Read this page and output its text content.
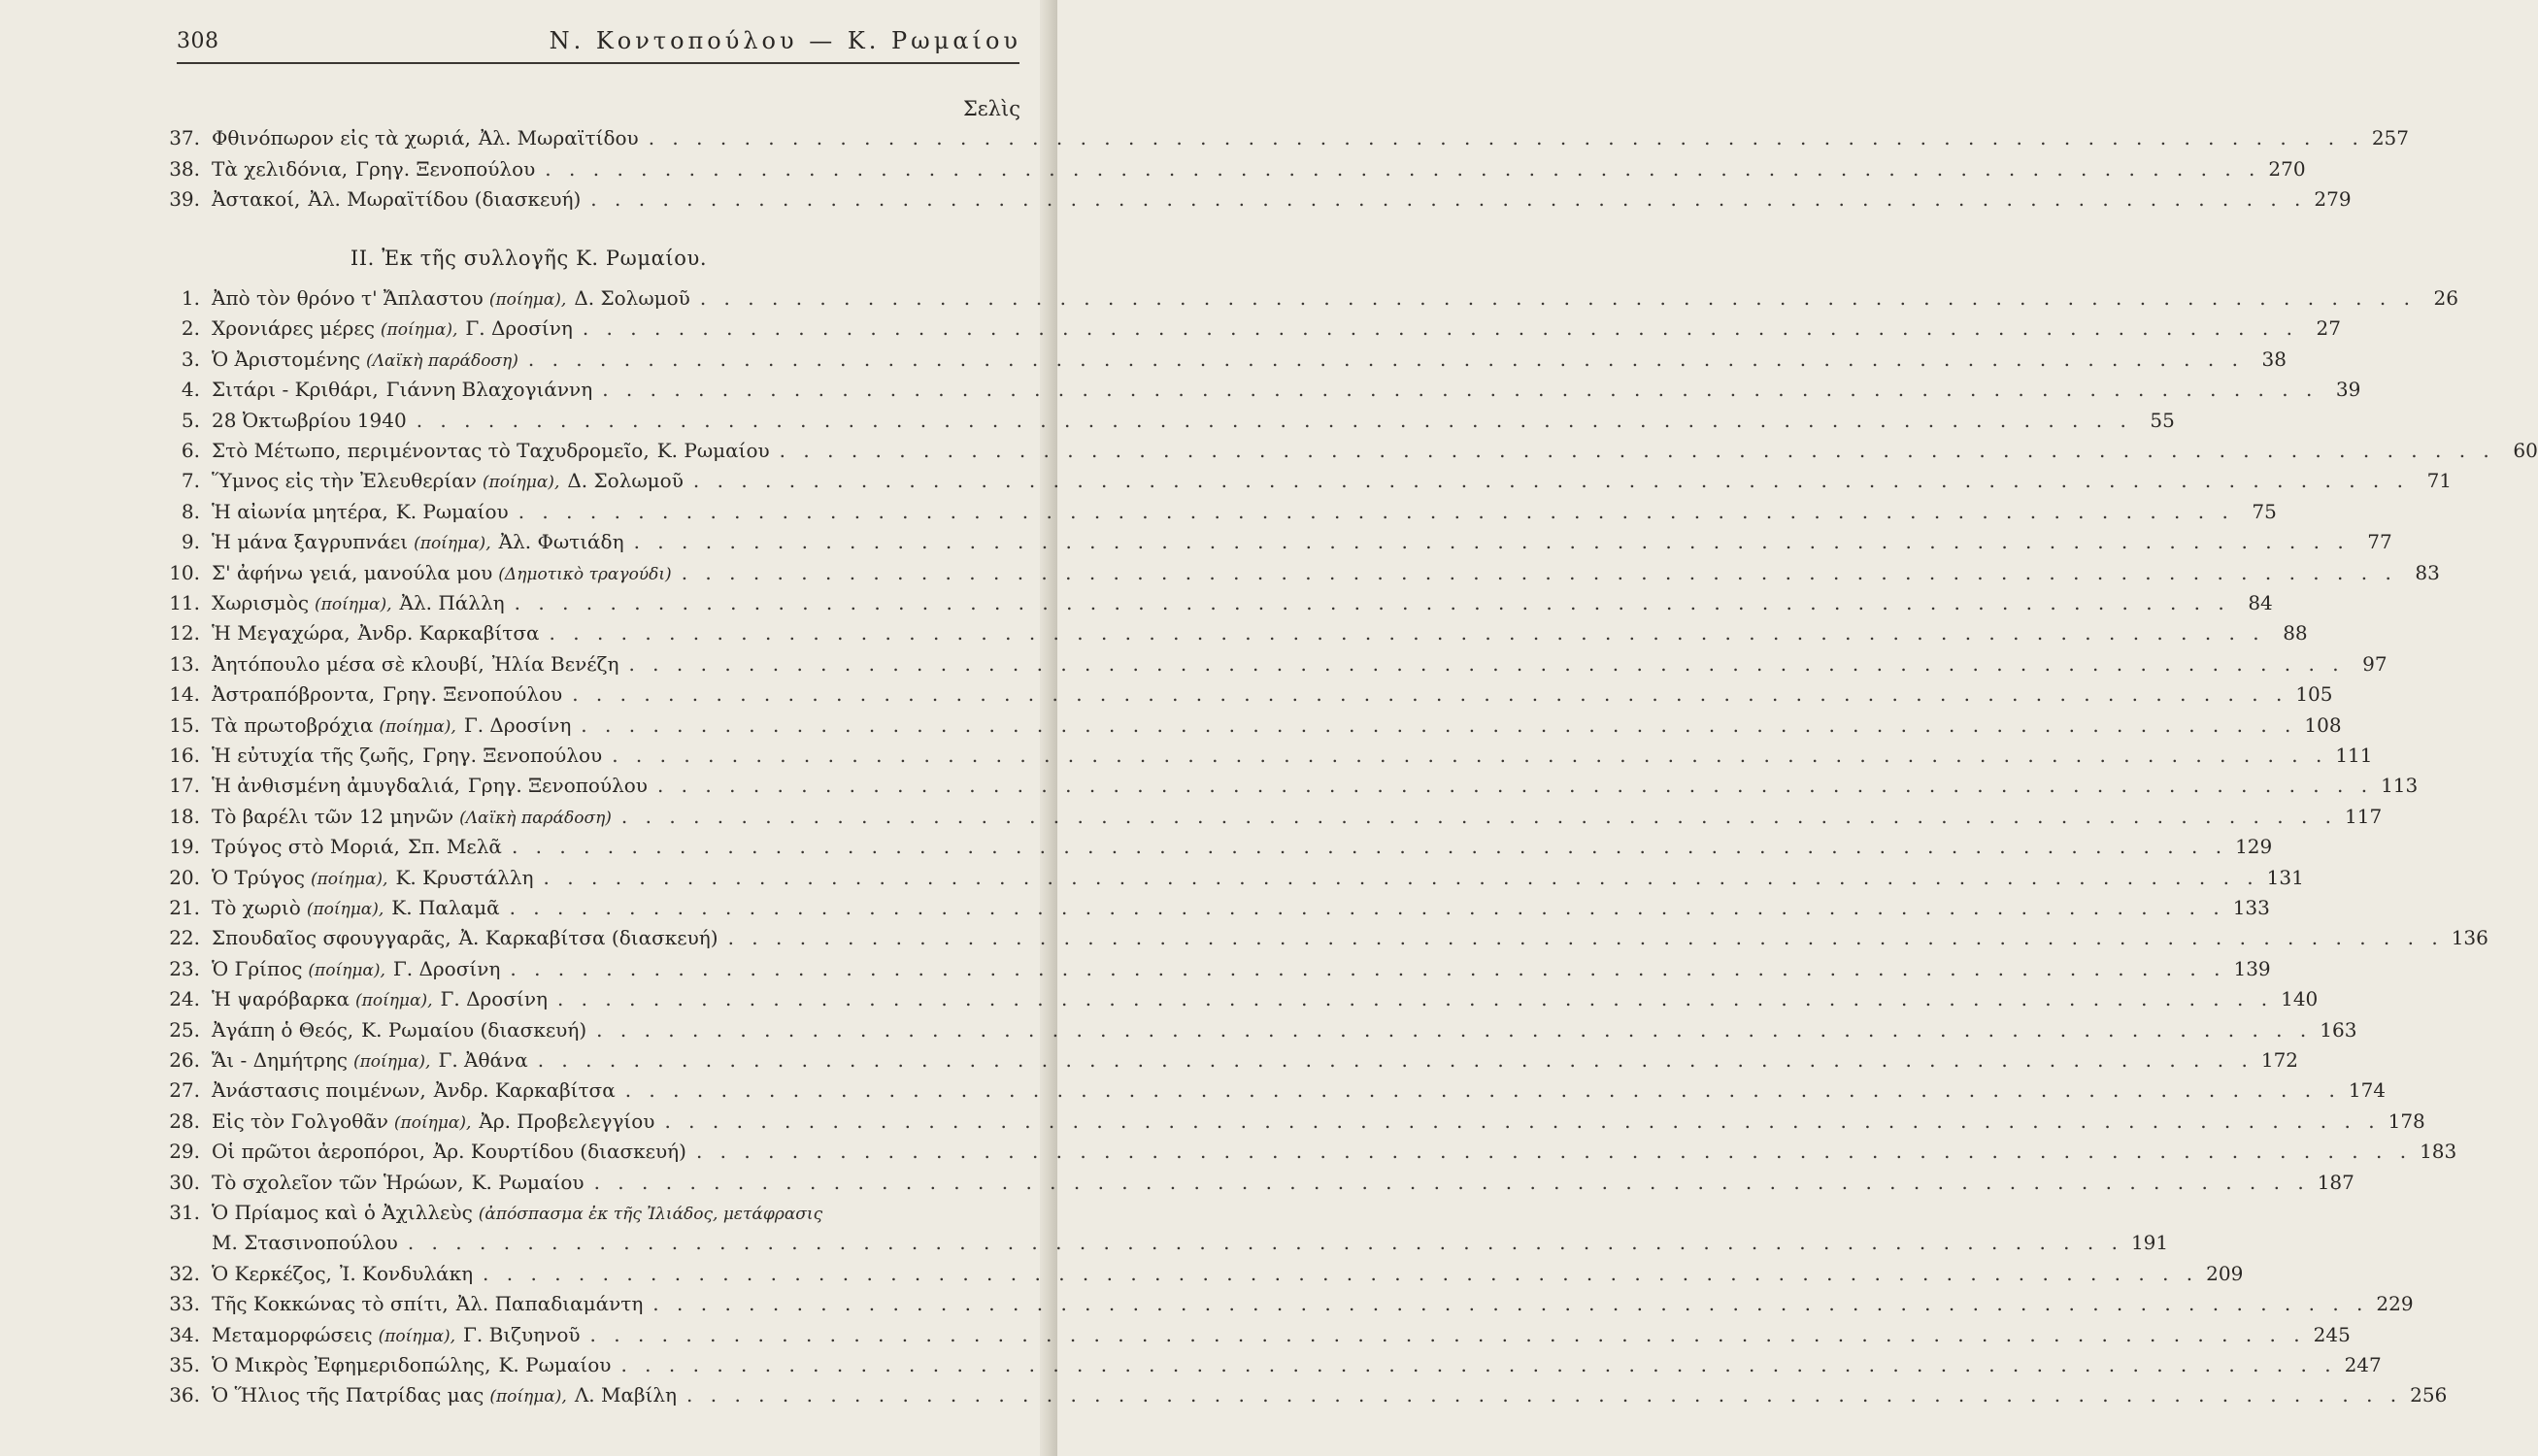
308	Ν. Κοντοπούλου — Κ. Ρωμαίου
Σελὶς
37. Φθινόπωρον εἰς τὰ χωριά, Ἀλ. Μωραϊτίδου . . . . . . . . . . . . . . . . . . . . . . . . . . . . . . . . . . . . . . . . . . . . . . . . . . . . . . . . . . . . . . . . . . . . . . . . 257
38. Τὰ χελιδόνια, Γρηγ. Ξενοπούλου . . . . . . . . . . . . . . . . . . . . . . . . . . . . . . . . . . . . . . . . . . . . . . . . . . . . . . . . . . . . . . . . . . . . . . . . 270
39. Ἀστακοί, Ἀλ. Μωραϊτίδου (διασκευή) . . . . . . . . . . . . . . . . . . . . . . . . . . . . . . . . . . . . . . . . . . . . . . . . . . . . . . . . . . . . . . . . . . . . . . . . 279
II. Ἐκ τῆς συλλογῆς Κ. Ρωμαίου.
1. Ἀπὸ τὸν θρόνο τ' Ἄπλαστου (ποίημα), Δ. Σολωμοῦ . . . . . . . . . . . . . . . . . . . . . . . . . . . . . . . . . . . . . . . . . . . . . . . . . . . . . . . . . . . . . . . . . . . . . . . . 26
2. Χρονιάρες μέρες (ποίημα), Γ. Δροσίνη . . . . . . . . . . . . . . . . . . . . . . . . . . . . . . . . . . . . . . . . . . . . . . . . . . . . . . . . . . . . . . . . . . . . . . . . 27
3. Ὁ Ἀριστομένης (Λαϊκὴ παράδοση) . . . . . . . . . . . . . . . . . . . . . . . . . . . . . . . . . . . . . . . . . . . . . . . . . . . . . . . . . . . . . . . . . . . . . . . . 38
4. Σιτάρι - Κριθάρι, Γιάννη Βλαχογιάννη . . . . . . . . . . . . . . . . . . . . . . . . . . . . . . . . . . . . . . . . . . . . . . . . . . . . . . . . . . . . . . . . . . . . . . . . 39
5. 28 Ὀκτωβρίου 1940 . . . . . . . . . . . . . . . . . . . . . . . . . . . . . . . . . . . . . . . . . . . . . . . . . . . . . . . . . . . . . . . . . . . . . . . . 55
6. Στὸ Μέτωπο, περιμένοντας τὸ Ταχυδρομεῖο, Κ. Ρωμαίου . . . . . . . . . . . . . . . . . . . . . . . . . . . . . . . . . . . . . . . . . . . . . . . . . . . . . . . . . . . . . . . . . . . . . . . . 60
7. Ὕμνος εἰς τὴν Ἐλευθερίαν (ποίημα), Δ. Σολωμοῦ . . . . . . . . . . . . . . . . . . . . . . . . . . . . . . . . . . . . . . . . . . . . . . . . . . . . . . . . . . . . . . . . . . . . . . . . 71
8. Ἡ αἰωνία μητέρα, Κ. Ρωμαίου . . . . . . . . . . . . . . . . . . . . . . . . . . . . . . . . . . . . . . . . . . . . . . . . . . . . . . . . . . . . . . . . . . . . . . . . 75
9. Ἡ μάνα ξαγρυπνάει (ποίημα), Ἀλ. Φωτιάδη . . . . . . . . . . . . . . . . . . . . . . . . . . . . . . . . . . . . . . . . . . . . . . . . . . . . . . . . . . . . . . . . . . . . . . . . 77
10. Σ' ἀφήνω γειά, μανούλα μου (Δημοτικὸ τραγούδι) . . . . . . . . . . . . . . . . . . . . . . . . . . . . . . . . . . . . . . . . . . . . . . . . . . . . . . . . . . . . . . . . . . . . . . . . 83
11. Χωρισμὸς (ποίημα), Ἀλ. Πάλλη . . . . . . . . . . . . . . . . . . . . . . . . . . . . . . . . . . . . . . . . . . . . . . . . . . . . . . . . . . . . . . . . . . . . . . . . 84
12. Ἡ Μεγαχώρα, Ἀνδρ. Καρκαβίτσα . . . . . . . . . . . . . . . . . . . . . . . . . . . . . . . . . . . . . . . . . . . . . . . . . . . . . . . . . . . . . . . . . . . . . . . . 88
13. Ἀητόπουλο μέσα σὲ κλουβί, Ἠλία Βενέζη . . . . . . . . . . . . . . . . . . . . . . . . . . . . . . . . . . . . . . . . . . . . . . . . . . . . . . . . . . . . . . . . . . . . . . . . 97
14. Ἀστραπόβροντα, Γρηγ. Ξενοπούλου . . . . . . . . . . . . . . . . . . . . . . . . . . . . . . . . . . . . . . . . . . . . . . . . . . . . . . . . . . . . . . . . . . . . . . . . 105
15. Τὰ πρωτοβρόχια (ποίημα), Γ. Δροσίνη . . . . . . . . . . . . . . . . . . . . . . . . . . . . . . . . . . . . . . . . . . . . . . . . . . . . . . . . . . . . . . . . . . . . . . . . 108
16. Ἡ εὐτυχία τῆς ζωῆς, Γρηγ. Ξενοπούλου . . . . . . . . . . . . . . . . . . . . . . . . . . . . . . . . . . . . . . . . . . . . . . . . . . . . . . . . . . . . . . . . . . . . . . . . 111
17. Ἡ ἀνθισμένη ἀμυγδαλιά, Γρηγ. Ξενοπούλου . . . . . . . . . . . . . . . . . . . . . . . . . . . . . . . . . . . . . . . . . . . . . . . . . . . . . . . . . . . . . . . . . . . . . . . . 113
18. Τὸ βαρέλι τῶν 12 μηνῶν (Λαϊκὴ παράδοση) . . . . . . . . . . . . . . . . . . . . . . . . . . . . . . . . . . . . . . . . . . . . . . . . . . . . . . . . . . . . . . . . . . . . . . . . 117
19. Τρύγος στὸ Μοριά, Σπ. Μελᾶ . . . . . . . . . . . . . . . . . . . . . . . . . . . . . . . . . . . . . . . . . . . . . . . . . . . . . . . . . . . . . . . . . . . . . . . . 129
20. Ὁ Τρύγος (ποίημα), Κ. Κρυστάλλη . . . . . . . . . . . . . . . . . . . . . . . . . . . . . . . . . . . . . . . . . . . . . . . . . . . . . . . . . . . . . . . . . . . . . . . . 131
21. Τὸ χωριὸ (ποίημα), Κ. Παλαμᾶ . . . . . . . . . . . . . . . . . . . . . . . . . . . . . . . . . . . . . . . . . . . . . . . . . . . . . . . . . . . . . . . . . . . . . . . . 133
22. Σπουδαῖος σφουγγαρᾶς, Ἀ. Καρκαβίτσα (διασκευή) . . . . . . . . . . . . . . . . . . . . . . . . . . . . . . . . . . . . . . . . . . . . . . . . . . . . . . . . . . . . . . . . . . . . . . . . 136
23. Ὁ Γρίπος (ποίημα), Γ. Δροσίνη . . . . . . . . . . . . . . . . . . . . . . . . . . . . . . . . . . . . . . . . . . . . . . . . . . . . . . . . . . . . . . . . . . . . . . . . 139
24. Ἡ ψαρόβαρκα (ποίημα), Γ. Δροσίνη . . . . . . . . . . . . . . . . . . . . . . . . . . . . . . . . . . . . . . . . . . . . . . . . . . . . . . . . . . . . . . . . . . . . . . . . 140
25. Ἀγάπη ὁ Θεός, Κ. Ρωμαίου (διασκευή) . . . . . . . . . . . . . . . . . . . . . . . . . . . . . . . . . . . . . . . . . . . . . . . . . . . . . . . . . . . . . . . . . . . . . . . . 163
26. Ἅι - Δημήτρης (ποίημα), Γ. Ἀθάνα . . . . . . . . . . . . . . . . . . . . . . . . . . . . . . . . . . . . . . . . . . . . . . . . . . . . . . . . . . . . . . . . . . . . . . . . 172
27. Ἀνάστασις ποιμένων, Ἀνδρ. Καρκαβίτσα . . . . . . . . . . . . . . . . . . . . . . . . . . . . . . . . . . . . . . . . . . . . . . . . . . . . . . . . . . . . . . . . . . . . . . . . 174
28. Εἰς τὸν Γολγοθᾶν (ποίημα), Ἀρ. Προβελεγγίου . . . . . . . . . . . . . . . . . . . . . . . . . . . . . . . . . . . . . . . . . . . . . . . . . . . . . . . . . . . . . . . . . . . . . . . . 178
29. Οἱ πρῶτοι ἀεροπόροι, Ἀρ. Κουρτίδου (διασκευή) . . . . . . . . . . . . . . . . . . . . . . . . . . . . . . . . . . . . . . . . . . . . . . . . . . . . . . . . . . . . . . . . . . . . . . . . 183
30. Τὸ σχολεῖον τῶν Ἡρώων, Κ. Ρωμαίου . . . . . . . . . . . . . . . . . . . . . . . . . . . . . . . . . . . . . . . . . . . . . . . . . . . . . . . . . . . . . . . . . . . . . . . . 187
31. Ὁ Πρίαμος καὶ ὁ Ἀχιλλεὺς (ἀπόσπασμα ἐκ τῆς Ἰλιάδος, μετάφρασις
Μ. Στασινοπούλου . . . . . . . . . . . . . . . . . . . . . . . . . . . . . . . . . . . . . . . . . . . . . . . . . . . . . . . . . . . . . . . . . . . . . . . . 191
32. Ὁ Κερκέζος, Ἰ. Κονδυλάκη . . . . . . . . . . . . . . . . . . . . . . . . . . . . . . . . . . . . . . . . . . . . . . . . . . . . . . . . . . . . . . . . . . . . . . . . 209
33. Τῆς Κοκκώνας τὸ σπίτι, Ἀλ. Παπαδιαμάντη . . . . . . . . . . . . . . . . . . . . . . . . . . . . . . . . . . . . . . . . . . . . . . . . . . . . . . . . . . . . . . . . . . . . . . . . 229
34. Μεταμορφώσεις (ποίημα), Γ. Βιζυηνοῦ . . . . . . . . . . . . . . . . . . . . . . . . . . . . . . . . . . . . . . . . . . . . . . . . . . . . . . . . . . . . . . . . . . . . . . . . 245
35. Ὁ Μικρὸς Ἐφημεριδοπώλης, Κ. Ρωμαίου . . . . . . . . . . . . . . . . . . . . . . . . . . . . . . . . . . . . . . . . . . . . . . . . . . . . . . . . . . . . . . . . . . . . . . . . 247
36. Ὁ Ἥλιος τῆς Πατρίδας μας (ποίημα), Λ. Μαβίλη . . . . . . . . . . . . . . . . . . . . . . . . . . . . . . . . . . . . . . . . . . . . . . . . . . . . . . . . . . . . . . . . . . . . . . . . 256
